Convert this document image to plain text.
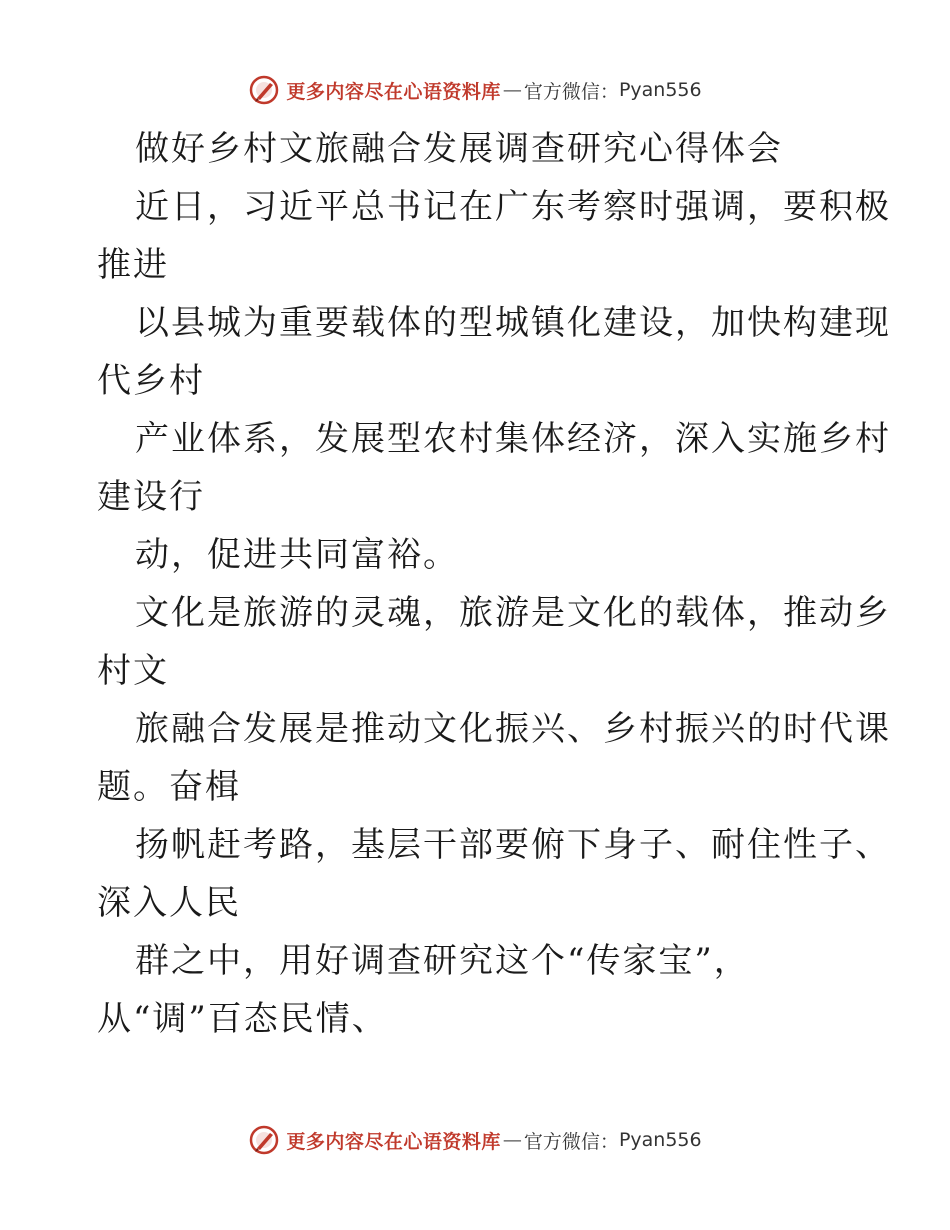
更多内容尽在心语资料库 — 官方微信： Pyan556
做好乡村文旅融合发展调查研究心得体会
近日，习近平总书记在广东考察时强调，要积极
推进
以县城为重要载体的型城镇化建设，加快构建现
代乡村
产业体系，发展型农村集体经济，深入实施乡村
建设行
动，促进共同富裕。
文化是旅游的灵魂，旅游是文化的载体，推动乡
村文
旅融合发展是推动文化振兴、乡村振兴的时代课
题。奋楫
扬帆赶考路，基层干部要俯下身子、耐住性子、
深入人民
群之中，用好调查研究这个“传家宝”，
从“调”百态民情、
更多内容尽在心语资料库 — 官方微信： Pyan556
